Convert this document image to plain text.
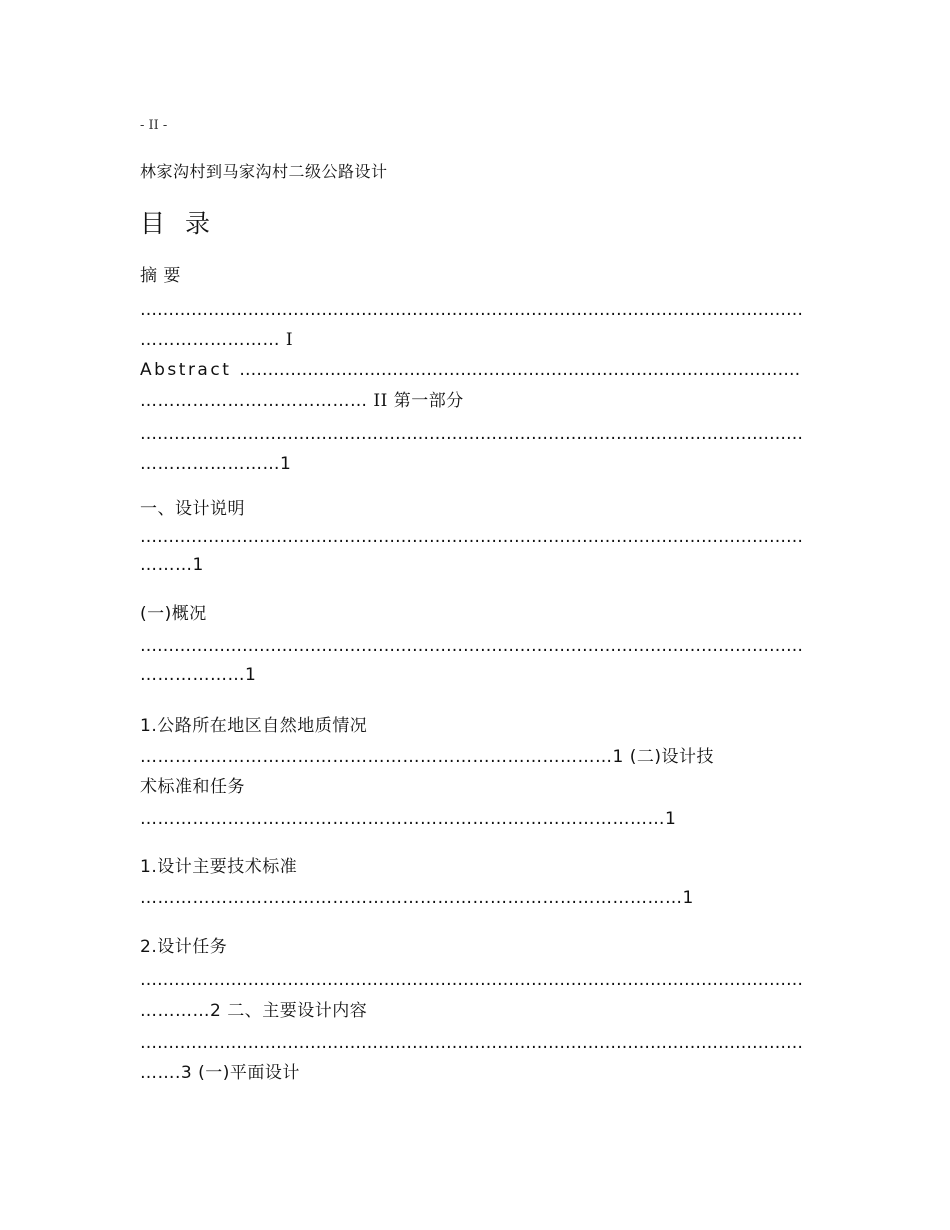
- II -
林家沟村到马家沟村二级公路设计
目 录
摘 要
………………………………………………………………………………………………………
…………………… I
Abstract ………………………………………………………………………………………
………………………………… II 第一部分
………………………………………………………………………………………………………
……………………1
一、设计说明
………………………………………………………………………………………………………
………1
(一)概况
………………………………………………………………………………………………………
………………1
1.公路所在地区自然地质情况
………………………………………………………………………1 (二)设计技
术标准和任务
………………………………………………………………………………1
1.设计主要技术标准
…………………………………………………………………………………1
2.设计任务
………………………………………………………………………………………………………
…………2 二、主要设计内容
………………………………………………………………………………………………………
…….3 (一)平面设计
